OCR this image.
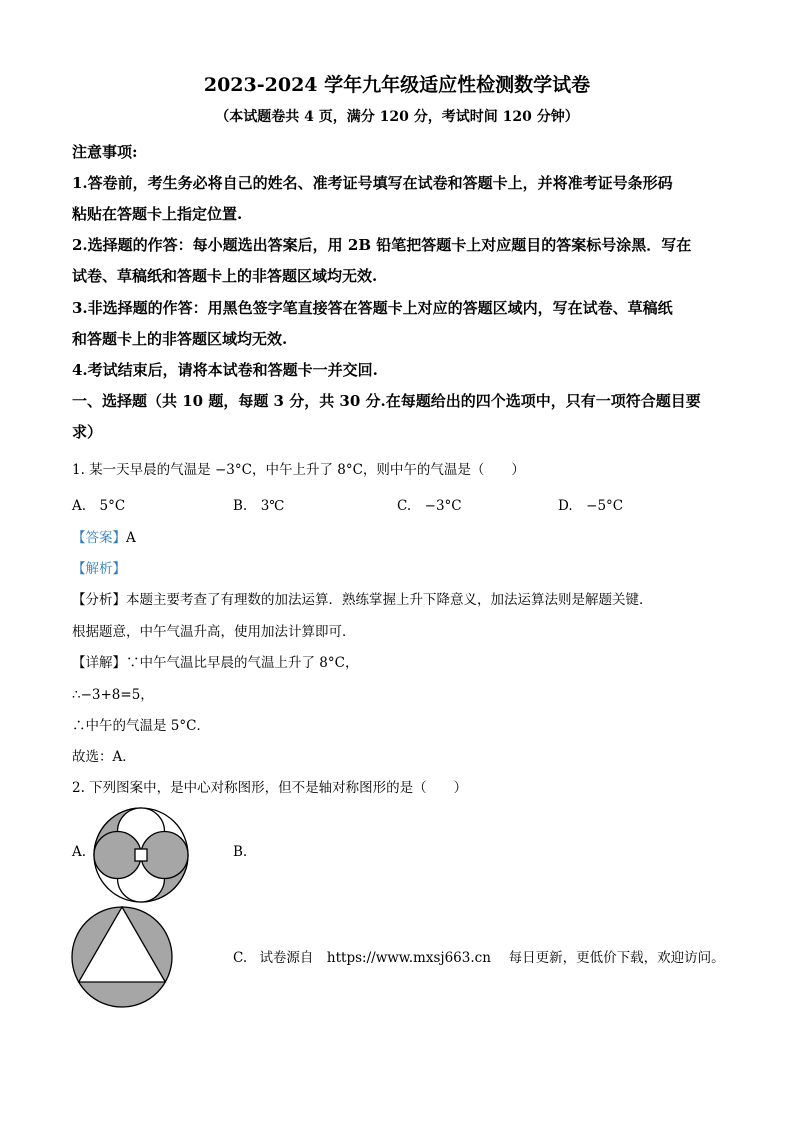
2023-2024 学年九年级适应性检测数学试卷
（本试题卷共 4 页，满分 120 分，考试时间 120 分钟）
注意事项:
1.答卷前，考生务必将自己的姓名、准考证号填写在试卷和答题卡上，并将准考证号条形码
粘贴在答题卡上指定位置.
2.选择题的作答：每小题选出答案后，用 2B 铅笔把答题卡上对应题目的答案标号涂黑．写在
试卷、草稿纸和答题卡上的非答题区域均无效.
3.非选择题的作答：用黑色签字笔直接答在答题卡上对应的答题区域内，写在试卷、草稿纸
和答题卡上的非答题区域均无效.
4.考试结束后，请将本试卷和答题卡一并交回.
一、选择题（共 10 题，每题 3 分，共 30 分.在每题给出的四个选项中，只有一项符合题目要
求）
1. 某一天早晨的气温是 −3°C，中午上升了 8°C，则中午的气温是（　　）
A.　5°C	B.　3℃	C.　−3°C	D.　−5°C
【答案】A
【解析】
【分析】本题主要考查了有理数的加法运算．熟练掌握上升下降意义，加法运算法则是解题关键．
根据题意，中午气温升高，使用加法计算即可．
【详解】∵中午气温比早晨的气温上升了 8°C，
∴−3+8=5，
∴中午的气温是 5°C．
故选：A．
2. 下列图案中，是中心对称图形，但不是轴对称图形的是（　　）
A.	B.
C. 试卷源自　https://www.mxsj663.cn　 每日更新，更低价下载，欢迎访问。
